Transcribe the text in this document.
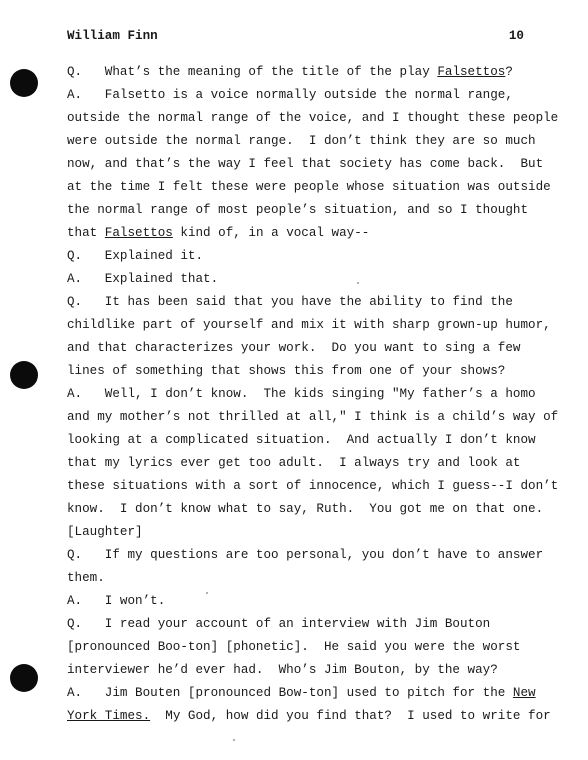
William Finn	10
Q.   What’s the meaning of the title of the play Falsettos?
A.   Falsetto is a voice normally outside the normal range,
outside the normal range of the voice, and I thought these people
were outside the normal range.  I don’t think they are so much
now, and that’s the way I feel that society has come back.  But
at the time I felt these were people whose situation was outside
the normal range of most people’s situation, and so I thought
that Falsettos kind of, in a vocal way--
Q.   Explained it.
A.   Explained that.
Q.   It has been said that you have the ability to find the
childlike part of yourself and mix it with sharp grown-up humor,
and that characterizes your work.  Do you want to sing a few
lines of something that shows this from one of your shows?
A.   Well, I don’t know.  The kids singing "My father’s a homo
and my mother’s not thrilled at all," I think is a child’s way of
looking at a complicated situation.  And actually I don’t know
that my lyrics ever get too adult.  I always try and look at
these situations with a sort of innocence, which I guess--I don’t
know.  I don’t know what to say, Ruth.  You got me on that one.
[Laughter]
Q.   If my questions are too personal, you don’t have to answer
them.
A.   I won’t.
Q.   I read your account of an interview with Jim Bouton
[pronounced Boo-ton] [phonetic].  He said you were the worst
interviewer he’d ever had.  Who’s Jim Bouton, by the way?
A.   Jim Bouten [pronounced Bow-ton] used to pitch for the New
York Times.  My God, how did you find that?  I used to write for
